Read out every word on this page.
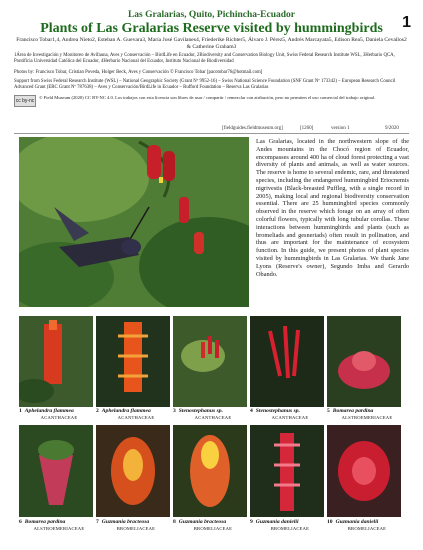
Las Gralarias, Quito, Pichincha-Ecuador
Plants of Las Gralarias Reserve visited by hummingbirds	1
Francisco Tobar1,4, Andrea Nieto2, Esteban A. Guevara3, María José Gavilanes4, Friederike Richter5, Álvaro J. Pérez5, Andrés Marcayata5, Edison Rea5, Daniela Cevallos2 & Catherine Graham3
1Área de Investigación y Monitoreo de Avifauna, Aves y Conservación – BirdLife en Ecuador, 2Biodiversity and Conservation Biology Unit, Swiss Federal Research Institute WSL, 3Herbario QCA, Pontificia Universidad Católica del Ecuador, 4Herbario Nacional del Ecuador, Instituto Nacional de Biodiversidad
Photos by: Francisco Tobar, Cristian Poveda, Holger Beck, Aves y Conservación © Francisco Tobar [pacotobar76@hotmail.com]
Support from Swiss Federal Research Institute (WSL) – National Geographic Society (Grant Nº 9952-16) – Swiss National Science Foundation (SNF Grant Nº 173342) – European Research Council Advanced Grant (ERC Grant Nº 787638) – Aves y Conservación/BirdLife in Ecuador – Rufford Foundation – Reserva Las Gralarias
cc by-nc
© Field Museum (2020) CC BY-NC 4.0. Los trabajos con esta licencia son libres de usar / compartir / remezclar con atribución, pero no permiten el uso comercial del trabajo original.
[fieldguides.fieldmuseum.org]	[1260]	version 1	9/2020
Las Gralarias, located in the northwestern slope of the Andes mountains in the Chocó region of Ecuador, encompasses around 400 ha of cloud forest protecting a vast diversity of plants and animals, as well as water sources. The reserve is home to several endemic, rare, and threatened species, including the endangered hummingbird Eriocnemis nigrivestis (Black-breasted Puffleg, with a single record in 2005), making local and regional biodiversity conservation essential. There are 25 hummingbird species commonly observed in the reserve which forage on an array of often colorful flowers, typically with long tubular corollas. These interactions between hummingbirds and plants (such as bromeliads and gesneriads) often result in pollination, and thus are important for the maintenance of ecosystem function. In this guide, we present photos of plant species visited by hummingbirds in Las Gralarias. We thank Jane Lyons (Reserve's owner), Segundo Imba and Gerardo Obando.
1 Aphelandra flammea
ACANTHACEAE
2 Aphelandra flammea
ACANTHACEAE
3 Stenostephanus sp.
ACANTHACEAE
4 Stenostephanus sp.
ACANTHACEAE
5 Bomarea pardina
ALSTROEMERIACEAE
6 Bomarea pardina
ALSTROEMERIACEAE
7 Guzmania bracteosa
BROMELIACEAE
8 Guzmania bracteosa
BROMELIACEAE
9 Guzmania danielii
BROMELIACEAE
10 Guzmania danielii
BROMELIACEAE
